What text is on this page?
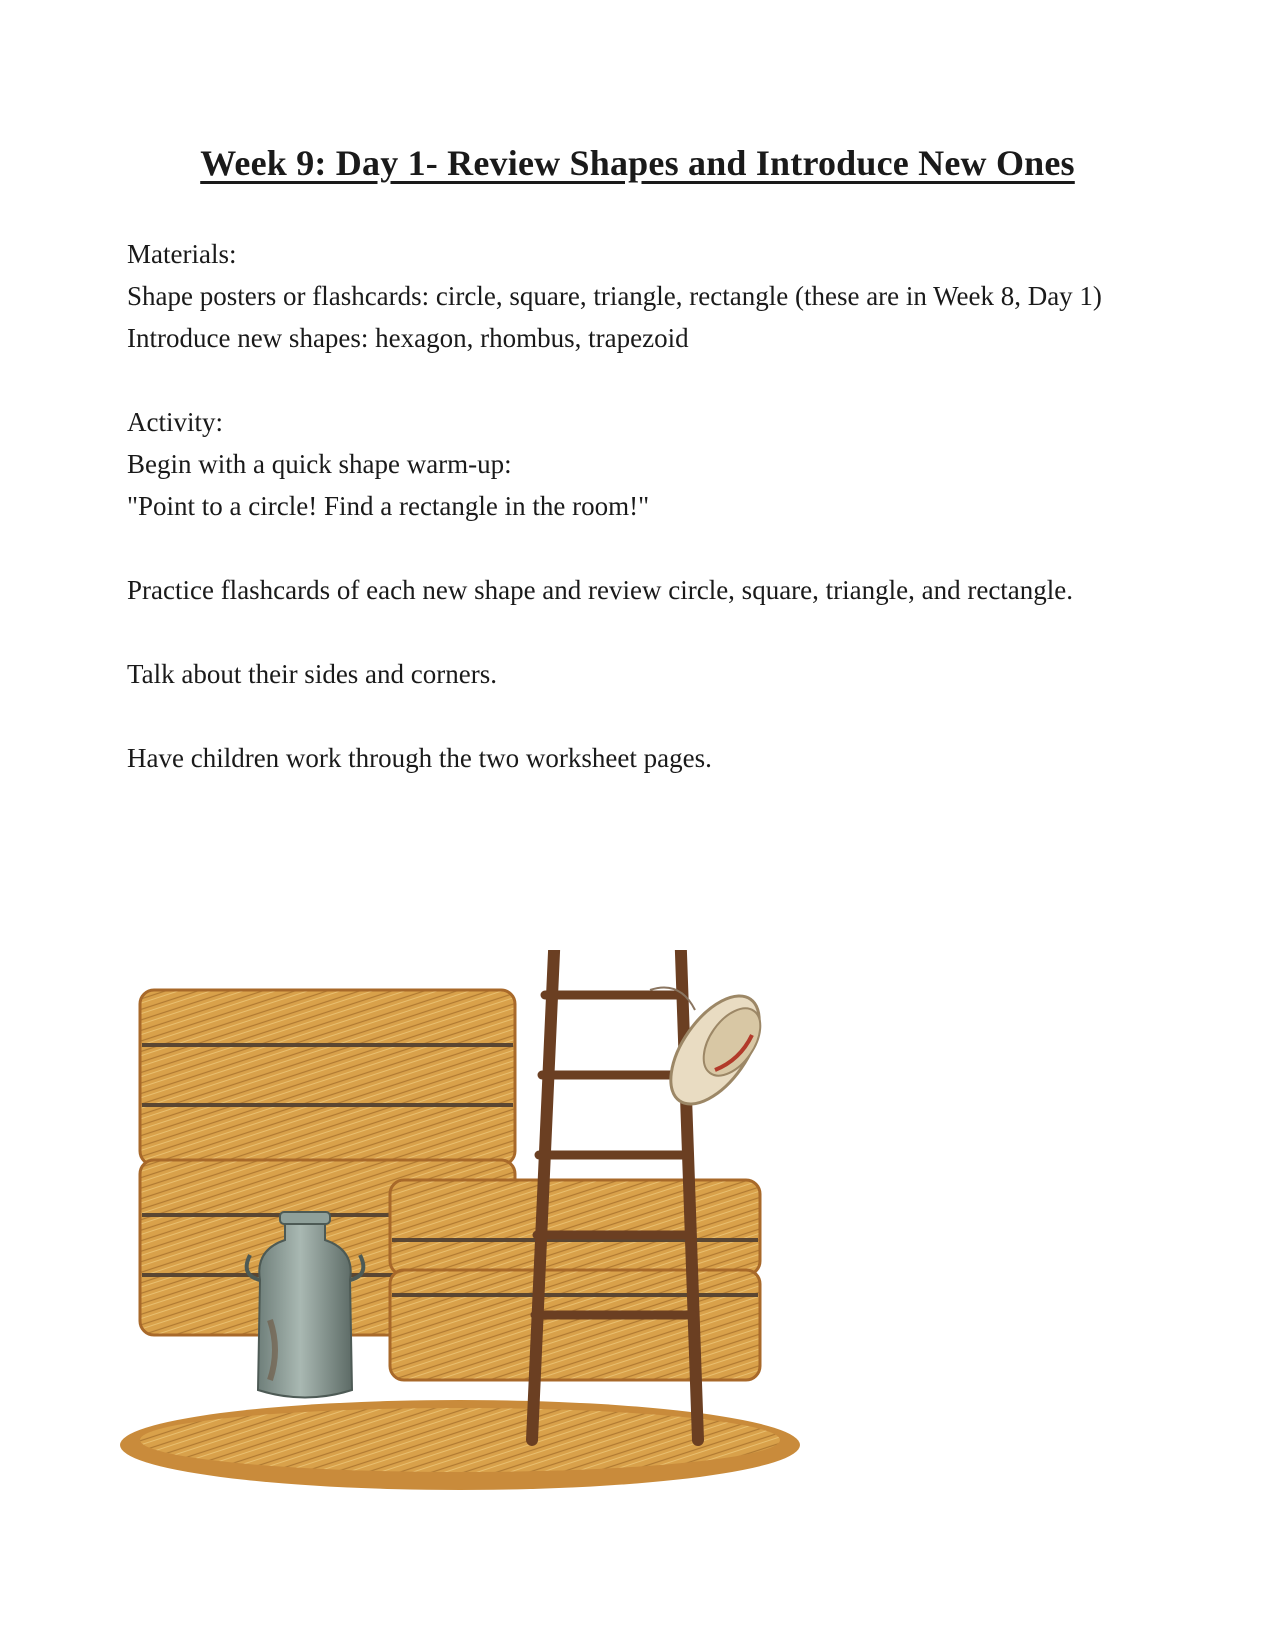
Week 9: Day 1- Review Shapes and Introduce New Ones

Materials:

Shape posters or flashcards: circle, square, triangle, rectangle (these are in Week 8, Day 1)

Introduce new shapes: hexagon, rhombus, trapezoid

Activity:

Begin with a quick shape warm-up:

"Point to a circle! Find a rectangle in the room!"

Practice flashcards of each new shape and review circle, square, triangle, and rectangle.

Talk about their sides and corners.

Have children work through the two worksheet pages.
